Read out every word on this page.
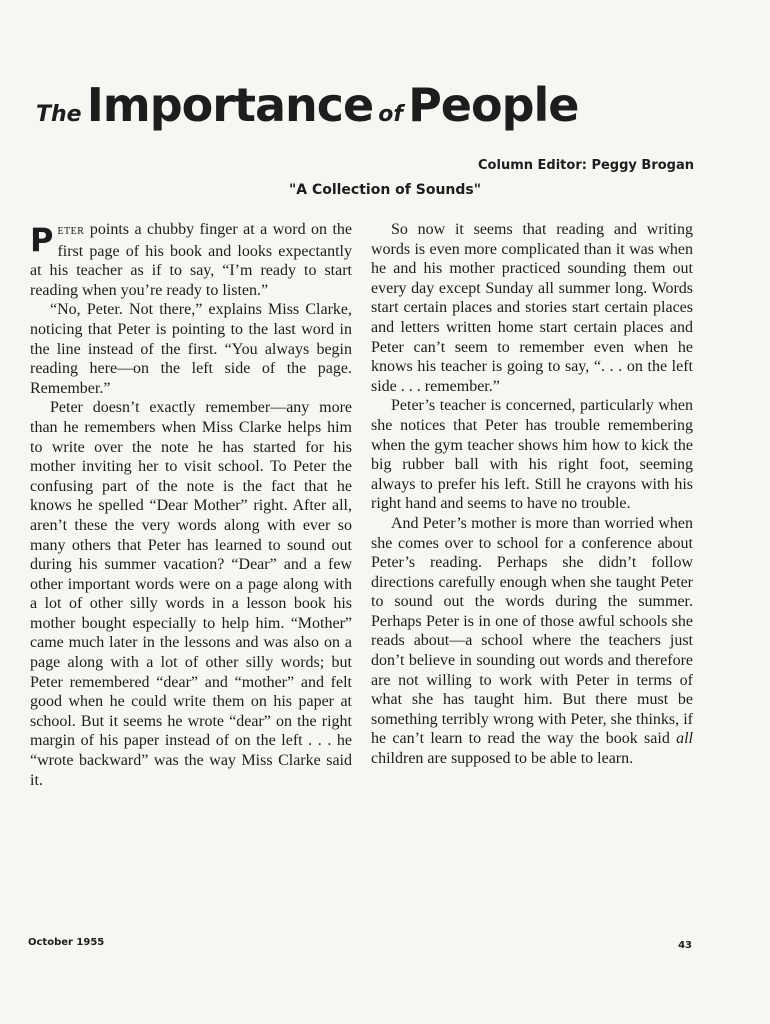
The Importance of People
Column Editor: Peggy Brogan
"A Collection of Sounds"

PETER points a chubby finger at a word on the first page of his book and looks expectantly at his teacher as if to say, “I’m ready to start reading when you’re ready to listen.”

“No, Peter. Not there,” explains Miss Clarke, noticing that Peter is pointing to the last word in the line instead of the first. “You always begin reading here—on the left side of the page. Remember.”

Peter doesn’t exactly remember—any more than he remembers when Miss Clarke helps him to write over the note he has started for his mother inviting her to visit school. To Peter the confusing part of the note is the fact that he knows he spelled “Dear Mother” right. After all, aren’t these the very words along with ever so many others that Peter has learned to sound out during his summer vacation? “Dear” and a few other important words were on a page along with a lot of other silly words in a lesson book his mother bought especially to help him. “Mother” came much later in the lessons and was also on a page along with a lot of other silly words; but Peter remembered “dear” and “mother” and felt good when he could write them on his paper at school. But it seems he wrote “dear” on the right margin of his paper instead of on the left . . . he “wrote backward” was the way Miss Clarke said it.

So now it seems that reading and writing words is even more complicated than it was when he and his mother practiced sounding them out every day except Sunday all summer long. Words start certain places and stories start certain places and letters written home start certain places and Peter can’t seem to remember even when he knows his teacher is going to say, “. . . on the left side . . . remember.”

Peter’s teacher is concerned, particularly when she notices that Peter has trouble remembering when the gym teacher shows him how to kick the big rubber ball with his right foot, seeming always to prefer his left. Still he crayons with his right hand and seems to have no trouble.

And Peter’s mother is more than worried when she comes over to school for a conference about Peter’s reading. Perhaps she didn’t follow directions carefully enough when she taught Peter to sound out the words during the summer. Perhaps Peter is in one of those awful schools she reads about—a school where the teachers just don’t believe in sounding out words and therefore are not willing to work with Peter in terms of what she has taught him. But there must be something terribly wrong with Peter, she thinks, if he can’t learn to read the way the book said all children are supposed to be able to learn.

October 1955	43
